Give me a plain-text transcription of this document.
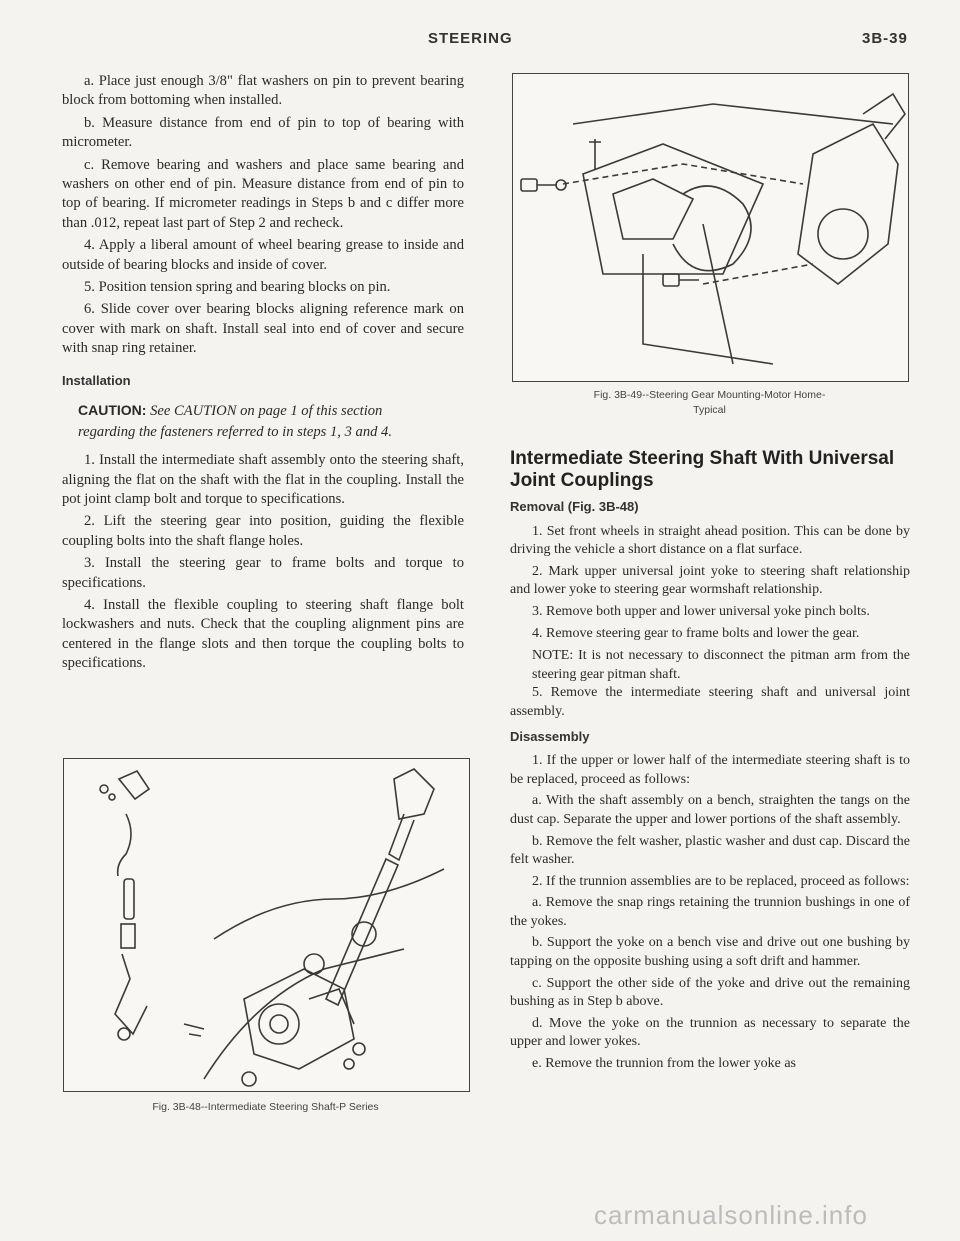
STEERING	3B-39

a. Place just enough 3/8" flat washers on pin to prevent bearing block from bottoming when installed.

b. Measure distance from end of pin to top of bearing with micrometer.

c. Remove bearing and washers and place same bearing and washers on other end of pin. Measure distance from end of pin to top of bearing. If micrometer readings in Steps b and c differ more than .012, repeat last part of Step 2 and recheck.

4. Apply a liberal amount of wheel bearing grease to inside and outside of bearing blocks and inside of cover.

5. Position tension spring and bearing blocks on pin.

6. Slide cover over bearing blocks aligning reference mark on cover with mark on shaft. Install seal into end of cover and secure with snap ring retainer.

Installation
CAUTION: See CAUTION on page 1 of this section regarding the fasteners referred to in steps 1, 3 and 4.

1. Install the intermediate shaft assembly onto the steering shaft, aligning the flat on the shaft with the flat in the coupling. Install the pot joint clamp bolt and torque to specifications.

2. Lift the steering gear into position, guiding the flexible coupling bolts into the shaft flange holes.

3. Install the steering gear to frame bolts and torque to specifications.

4. Install the flexible coupling to steering shaft flange bolt lockwashers and nuts. Check that the coupling alignment pins are centered in the flange slots and then torque the coupling bolts to specifications.

Fig. 3B-48--Intermediate Steering Shaft-P Series
Fig. 3B-49--Steering Gear Mounting-Motor Home-
Typical
Intermediate Steering Shaft With Universal Joint Couplings
Removal (Fig. 3B-48)

1. Set front wheels in straight ahead position. This can be done by driving the vehicle a short distance on a flat surface.

2. Mark upper universal joint yoke to steering shaft relationship and lower yoke to steering gear wormshaft relationship.

3. Remove both upper and lower universal yoke pinch bolts.

4. Remove steering gear to frame bolts and lower the gear.

NOTE: It is not necessary to disconnect the pitman arm from the steering gear pitman shaft.

5. Remove the intermediate steering shaft and universal joint assembly.

Disassembly

1. If the upper or lower half of the intermediate steering shaft is to be replaced, proceed as follows:

a. With the shaft assembly on a bench, straighten the tangs on the dust cap. Separate the upper and lower portions of the shaft assembly.

b. Remove the felt washer, plastic washer and dust cap. Discard the felt washer.

2. If the trunnion assemblies are to be replaced, proceed as follows:

a. Remove the snap rings retaining the trunnion bushings in one of the yokes.

b. Support the yoke on a bench vise and drive out one bushing by tapping on the opposite bushing using a soft drift and hammer.

c. Support the other side of the yoke and drive out the remaining bushing as in Step b above.

d. Move the yoke on the trunnion as necessary to separate the upper and lower yokes.

e. Remove the trunnion from the lower yoke as

carmanualsonline.info
